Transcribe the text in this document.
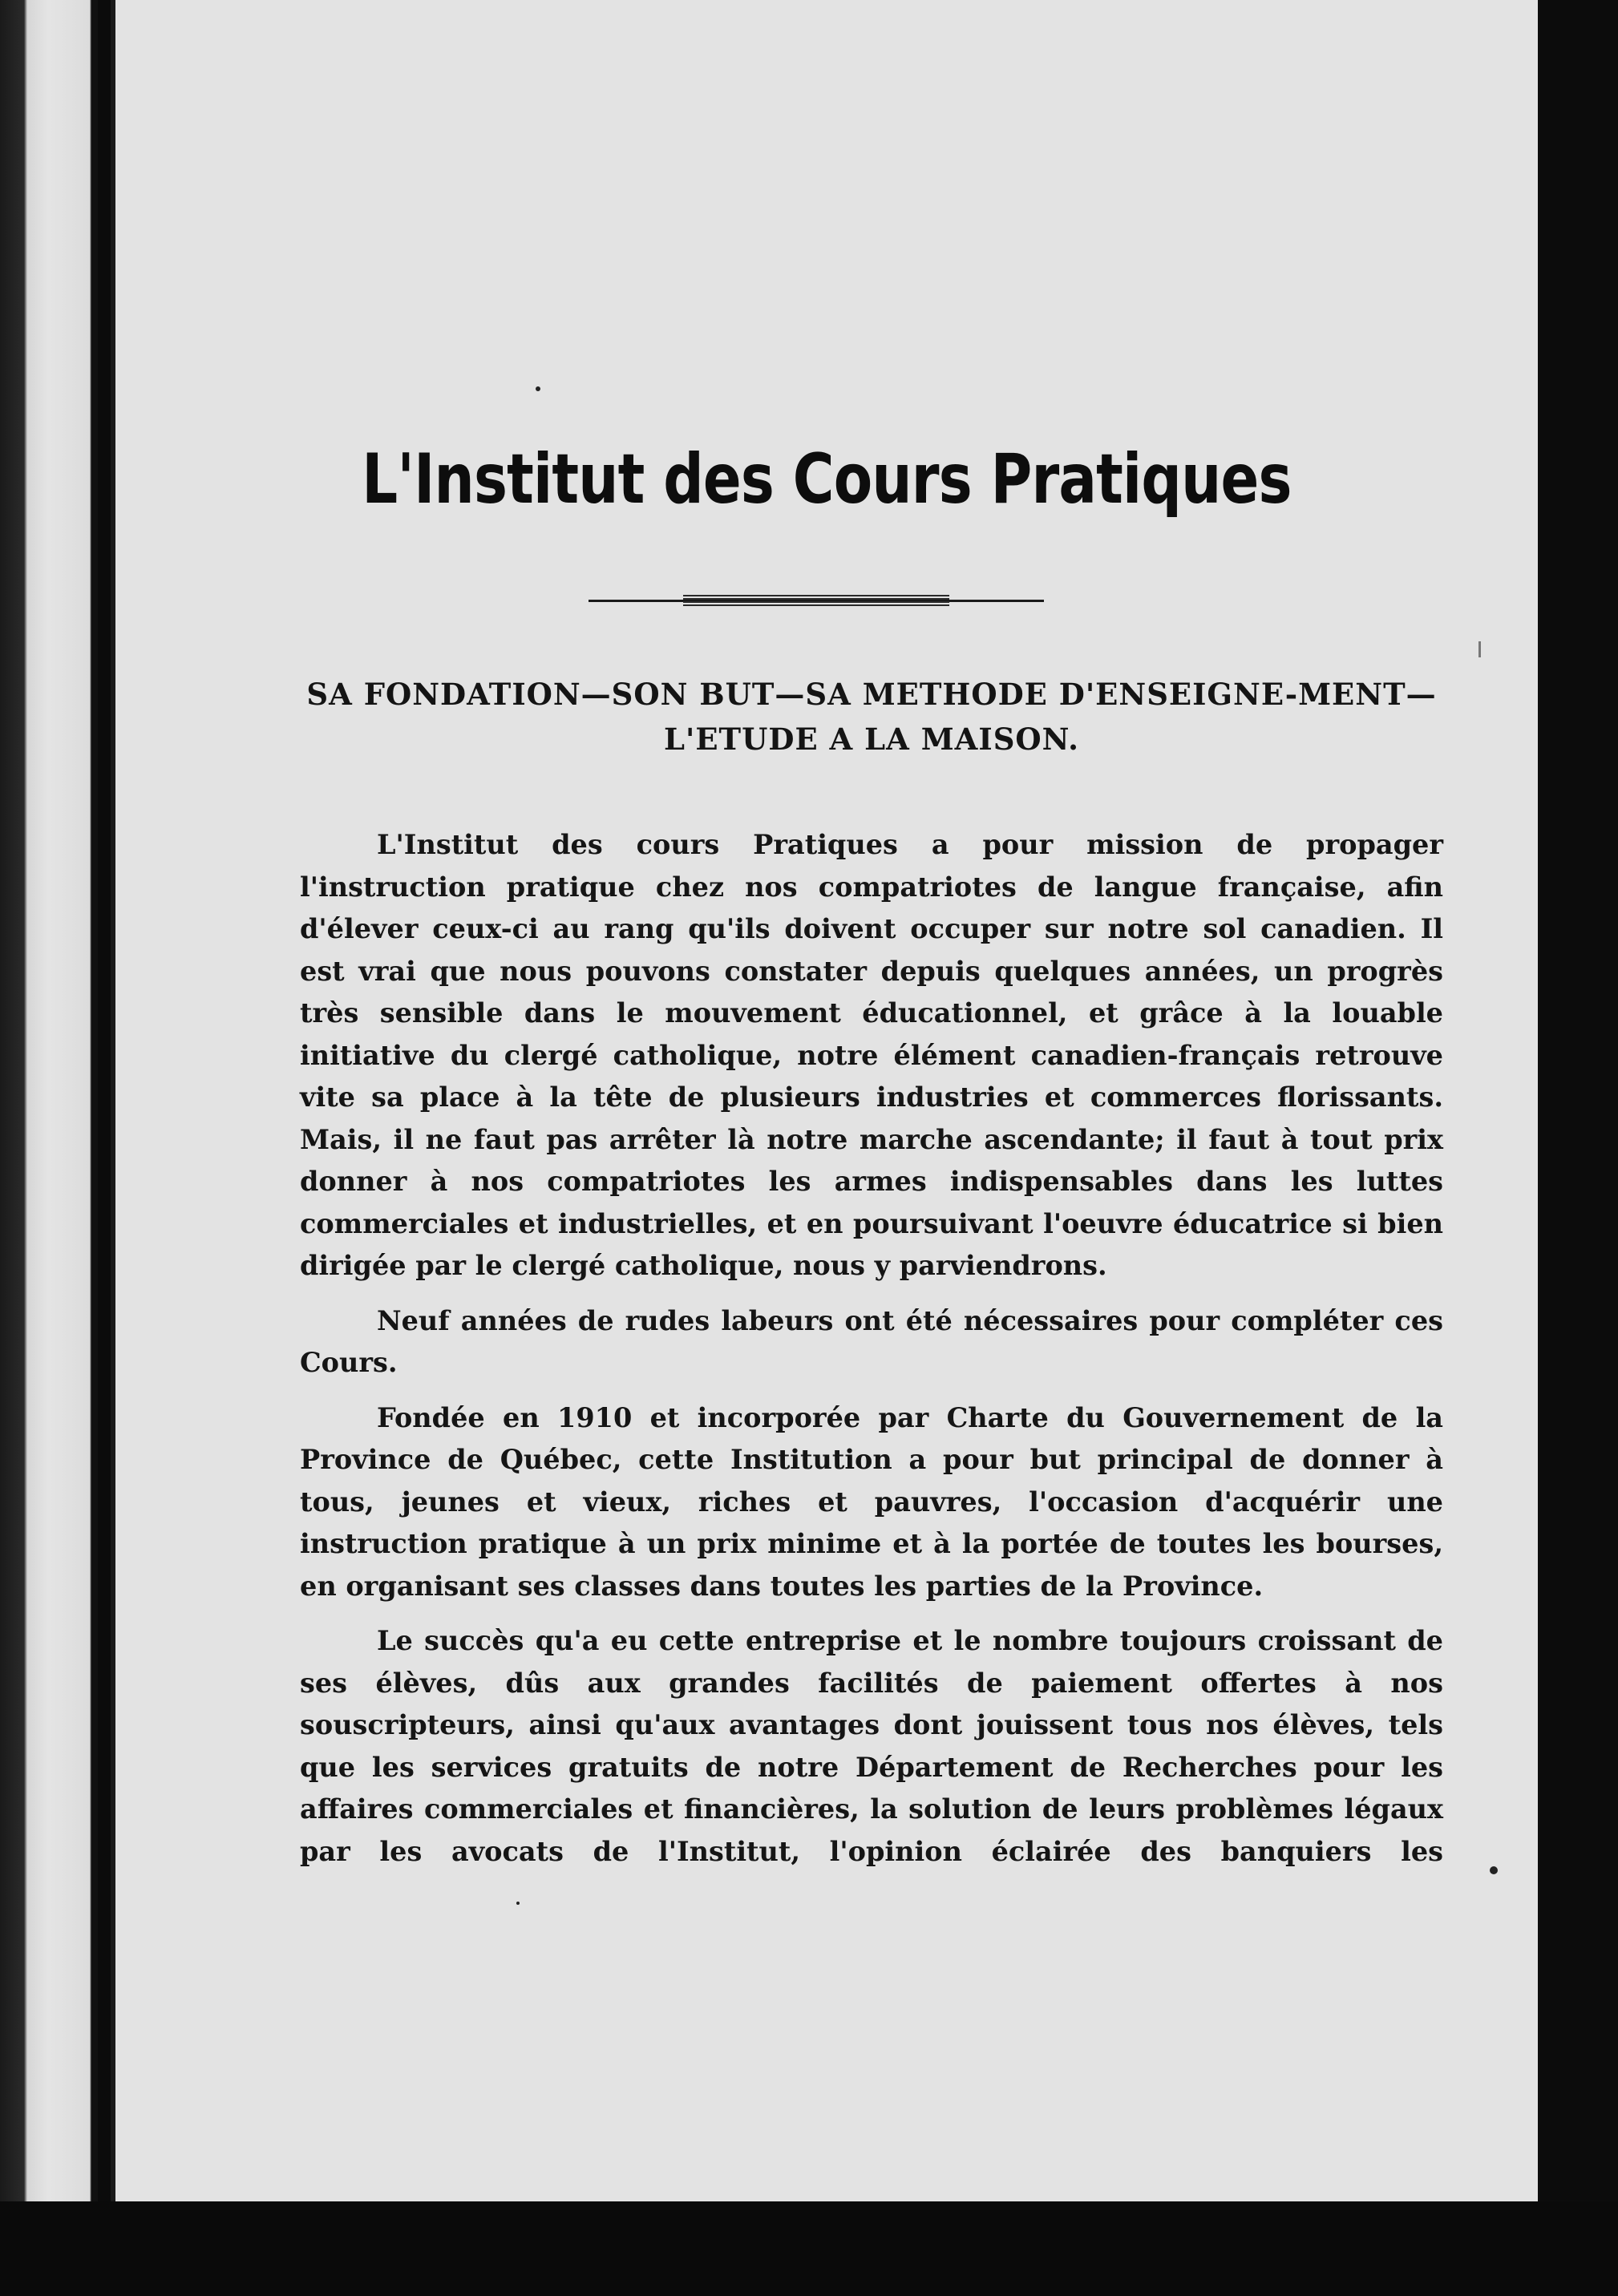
L'Institut des Cours Pratiques
SA FONDATION—SON BUT—SA METHODE D'ENSEIGNE-MENT—L'ETUDE A LA MAISON.

L'Institut des cours Pratiques a pour mission de propager l'instruction pratique chez nos compatriotes de langue française, afin d'élever ceux-ci au rang qu'ils doivent occuper sur notre sol canadien. Il est vrai que nous pouvons constater depuis quelques années, un progrès très sensible dans le mouvement éducationnel, et grâce à la louable initiative du clergé catholique, notre élément canadien-français retrouve vite sa place à la tête de plusieurs industries et commerces florissants. Mais, il ne faut pas arrêter là notre marche ascendante; il faut à tout prix donner à nos compatriotes les armes indispensables dans les luttes commerciales et industrielles, et en poursuivant l'oeuvre éducatrice si bien dirigée par le clergé catholique, nous y parviendrons.

Neuf années de rudes labeurs ont été nécessaires pour compléter ces Cours.

Fondée en 1910 et incorporée par Charte du Gouvernement de la Province de Québec, cette Institution a pour but principal de donner à tous, jeunes et vieux, riches et pauvres, l'occasion d'acquérir une instruction pratique à un prix minime et à la portée de toutes les bourses, en organisant ses classes dans toutes les parties de la Province.

Le succès qu'a eu cette entreprise et le nombre toujours croissant de ses élèves, dûs aux grandes facilités de paiement offertes à nos souscripteurs, ainsi qu'aux avantages dont jouissent tous nos élèves, tels que les services gratuits de notre Département de Recherches pour les affaires commerciales et financières, la solution de leurs problèmes légaux par les avocats de l'Institut, l'opinion éclairée des banquiers les
